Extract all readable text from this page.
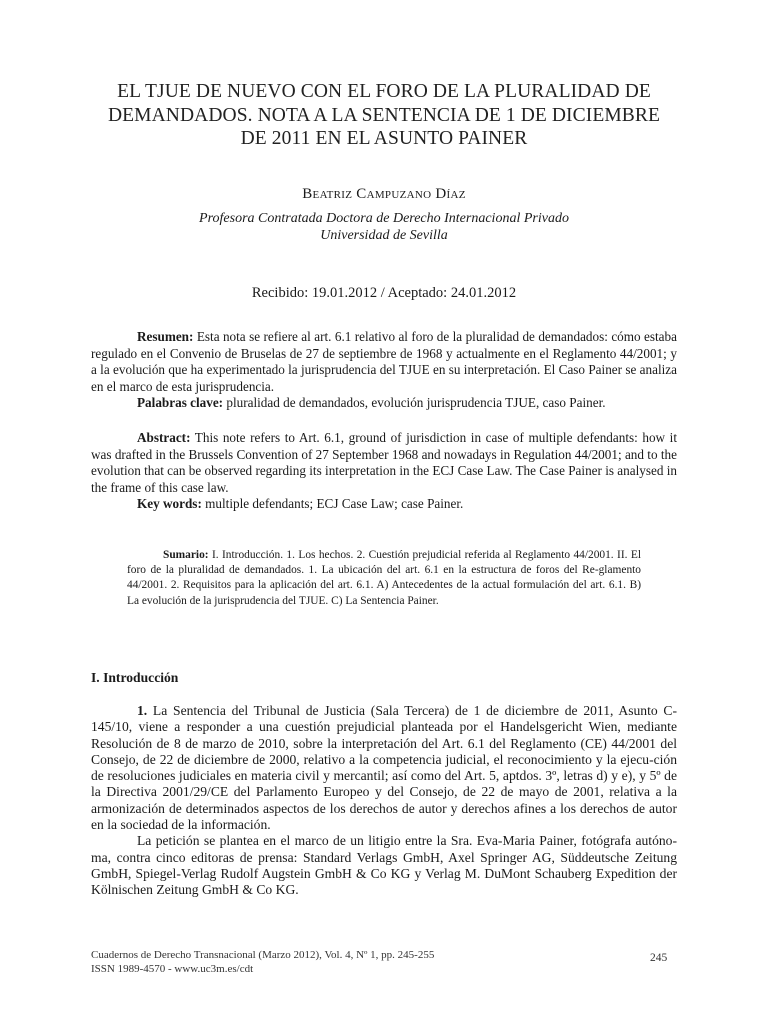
EL TJUE DE NUEVO CON EL FORO DE LA PLURALIDAD DE
DEMANDADOS. NOTA A LA SENTENCIA DE 1 DE DICIEMBRE
DE 2011 EN EL ASUNTO PAINER
Beatriz Campuzano Díaz
Profesora Contratada Doctora de Derecho Internacional Privado
Universidad de Sevilla
Recibido: 19.01.2012 / Aceptado: 24.01.2012

Resumen: Esta nota se refiere al art. 6.1 relativo al foro de la pluralidad de demandados: cómo estaba regulado en el Convenio de Bruselas de 27 de septiembre de 1968 y actualmente en el Reglamento 44/2001; y a la evolución que ha experimentado la jurisprudencia del TJUE en su interpretación. El Caso Painer se analiza en el marco de esta jurisprudencia.

Palabras clave: pluralidad de demandados, evolución jurisprudencia TJUE, caso Painer.

Abstract: This note refers to Art. 6.1, ground of jurisdiction in case of multiple defendants: how it was drafted in the Brussels Convention of 27 September 1968 and nowadays in Regulation 44/2001; and to the evolution that can be observed regarding its interpretation in the ECJ Case Law. The Case Painer is analysed in the frame of this case law.

Key words: multiple defendants; ECJ Case Law; case Painer.

Sumario: I. Introducción. 1. Los hechos. 2. Cuestión prejudicial referida al Reglamento 44/2001. II. El foro de la pluralidad de demandados. 1. La ubicación del art. 6.1 en la estructura de foros del Re-glamento 44/2001. 2. Requisitos para la aplicación del art. 6.1. A) Antecedentes de la actual formulación del art. 6.1. B) La evolución de la jurisprudencia del TJUE. C) La Sentencia Painer.

I. Introducción

1. La Sentencia del Tribunal de Justicia (Sala Tercera) de 1 de diciembre de 2011, Asunto C-145/10, viene a responder a una cuestión prejudicial planteada por el Handelsgericht Wien, mediante Resolución de 8 de marzo de 2010, sobre la interpretación del Art. 6.1 del Reglamento (CE) 44/2001 del Consejo, de 22 de diciembre de 2000, relativo a la competencia judicial, el reconocimiento y la ejecu-ción de resoluciones judiciales en materia civil y mercantil; así como del Art. 5, aptdos. 3º, letras d) y e), y 5º de la Directiva 2001/29/CE del Parlamento Europeo y del Consejo, de 22 de mayo de 2001, relativa a la armonización de determinados aspectos de los derechos de autor y derechos afines a los derechos de autor en la sociedad de la información.

La petición se plantea en el marco de un litigio entre la Sra. Eva-Maria Painer, fotógrafa autóno-ma, contra cinco editoras de prensa: Standard Verlags GmbH, Axel Springer AG, Süddeutsche Zeitung GmbH, Spiegel-Verlag Rudolf Augstein GmbH & Co KG y Verlag M. DuMont Schauberg Expedition der Kölnischen Zeitung GmbH & Co KG.

Cuadernos de Derecho Transnacional (Marzo 2012), Vol. 4, Nº 1, pp. 245-255
ISSN 1989-4570 - www.uc3m.es/cdt
245
